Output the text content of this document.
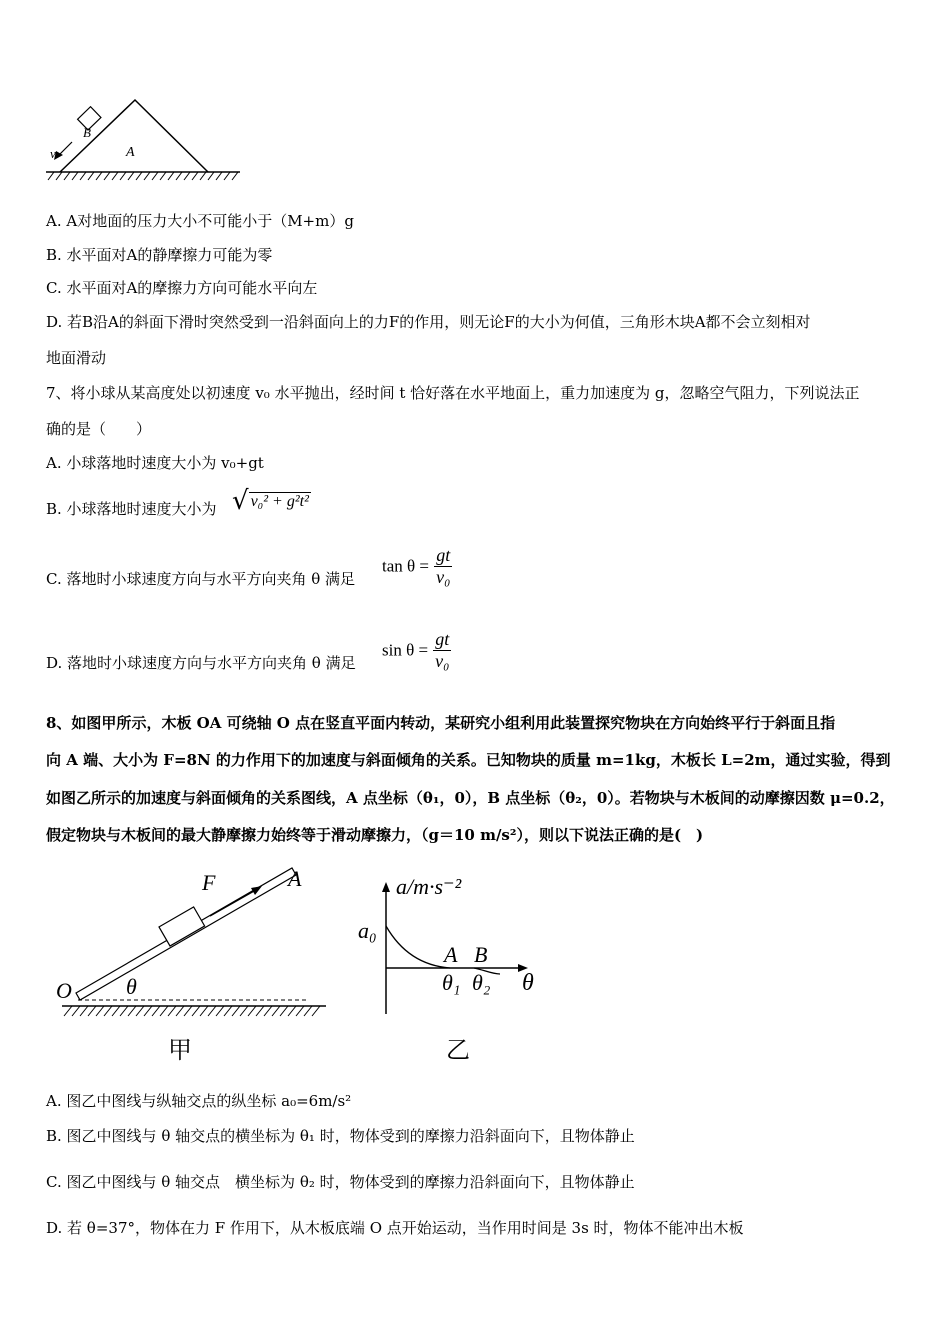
B
A
v
A. A对地面的压力大小不可能小于（M+m）g
B. 水平面对A的静摩擦力可能为零
C. 水平面对A的摩擦力方向可能水平向左
D. 若B沿A的斜面下滑时突然受到一沿斜面向上的力F的作用，则无论F的大小为何值，三角形木块A都不会立刻相对
地面滑动
7、将小球从某高度处以初速度 v₀ 水平抛出，经时间 t 恰好落在水平地面上，重力加速度为 g，忽略空气阻力，下列说法正
确的是（　　）
A. 小球落地时速度大小为 v₀+gt
B. 小球落地时速度大小为 √ v₀² + g²t²
C. 落地时小球速度方向与水平方向夹角 θ 满足
$\tan \theta = \frac{gt}{\text{v₀}}$
D. 落地时小球速度方向与水平方向夹角 θ 满足
$\sin \theta = \frac{gt}{\text{v₀}}$
8、如图甲所示，木板 OA 可绕轴 O 点在竖直平面内转动，某研究小组利用此装置探究物块在方向始终平行于斜面且指
向 A 端、大小为 F=8N 的力作用下的加速度与斜面倾角的关系。已知物块的质量 m=1kg，木板长 L=2m，通过实验，得到
如图乙所示的加速度与斜面倾角的关系图线，A 点坐标（θ₁，0），B 点坐标（θ₂，0）。若物块与木板间的动摩擦因数 μ=0.2，
假定物块与木板间的最大静摩擦力始终等于滑动摩擦力，（g＝10 m/s²），则以下说法正确的是(　)
F	A
O θ
甲
a/m·s⁻²
a₀
A B
θ₁ θ₂ θ
乙
A. 图乙中图线与纵轴交点的纵坐标 a₀=6m/s²
B. 图乙中图线与 θ 轴交点的横坐标为 θ₁ 时，物体受到的摩擦力沿斜面向下，且物体静止
C. 图乙中图线与 θ 轴交点　横坐标为 θ₂ 时，物体受到的摩擦力沿斜面向下，且物体静止
D. 若 θ=37°，物体在力 F 作用下，从木板底端 O 点开始运动，当作用时间是 3s 时，物体不能冲出木板
